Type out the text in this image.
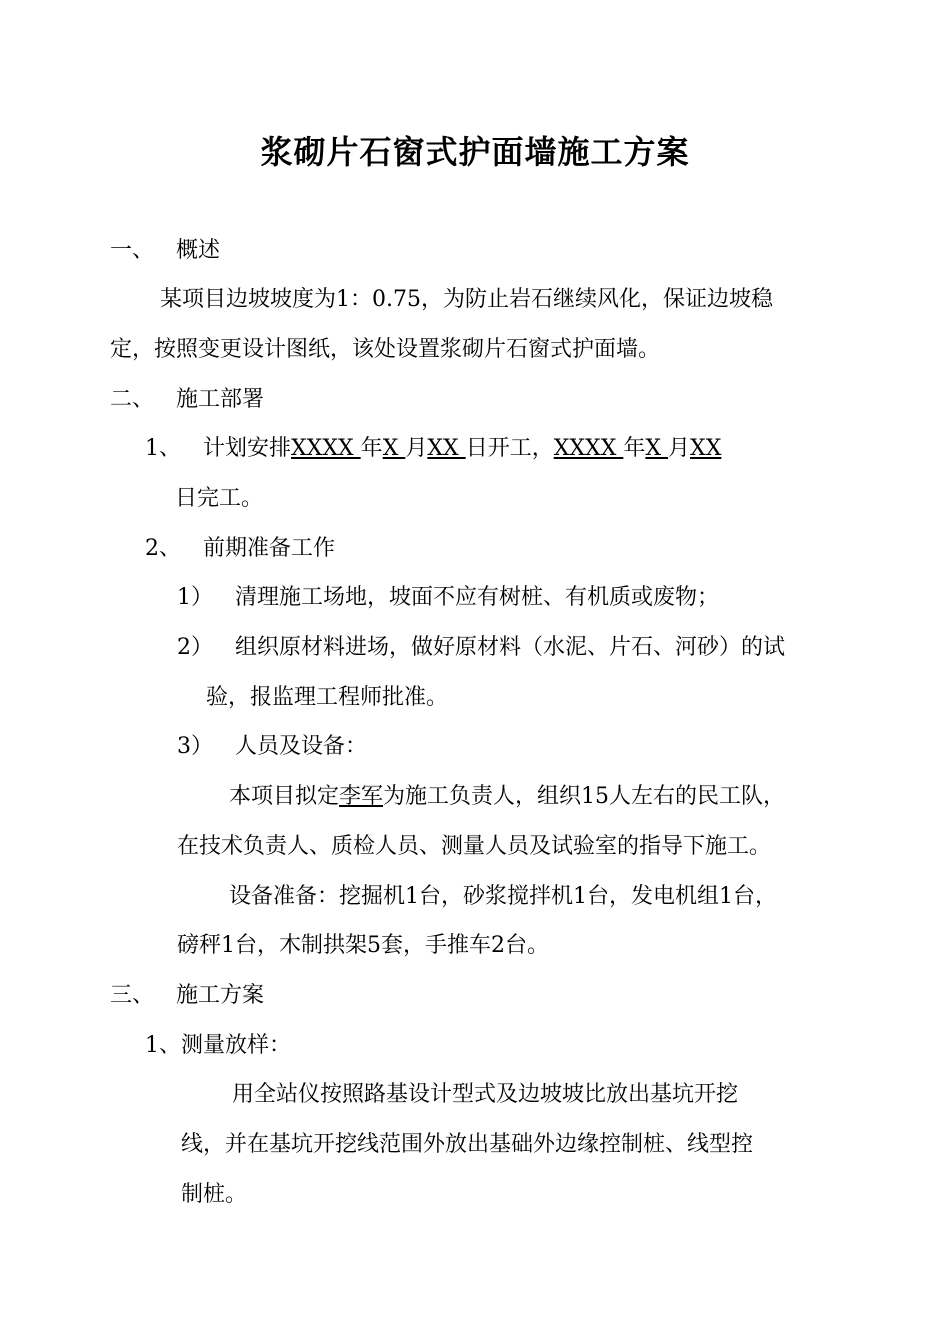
浆砌片石窗式护面墙施工方案
一、 概述
某项目边坡坡度为1：0.75，为防止岩石继续风化，保证边坡稳
定，按照变更设计图纸，该处设置浆砌片石窗式护面墙。
二、 施工部署
1、 计划安排XXXX 年X 月XX 日开工，XXXX 年X 月XX
日完工。
2、 前期准备工作
1） 清理施工场地，坡面不应有树桩、有机质或废物；
2） 组织原材料进场，做好原材料（水泥、片石、河砂）的试
验，报监理工程师批准。
3） 人员及设备：
本项目拟定李军为施工负责人，组织15人左右的民工队，
在技术负责人、质检人员、测量人员及试验室的指导下施工。
设备准备：挖掘机1台，砂浆搅拌机1台，发电机组1台，
磅秤1台，木制拱架5套，手推车2台。
三、 施工方案
1、测量放样：
用全站仪按照路基设计型式及边坡坡比放出基坑开挖
线，并在基坑开挖线范围外放出基础外边缘控制桩、线型控
制桩。
